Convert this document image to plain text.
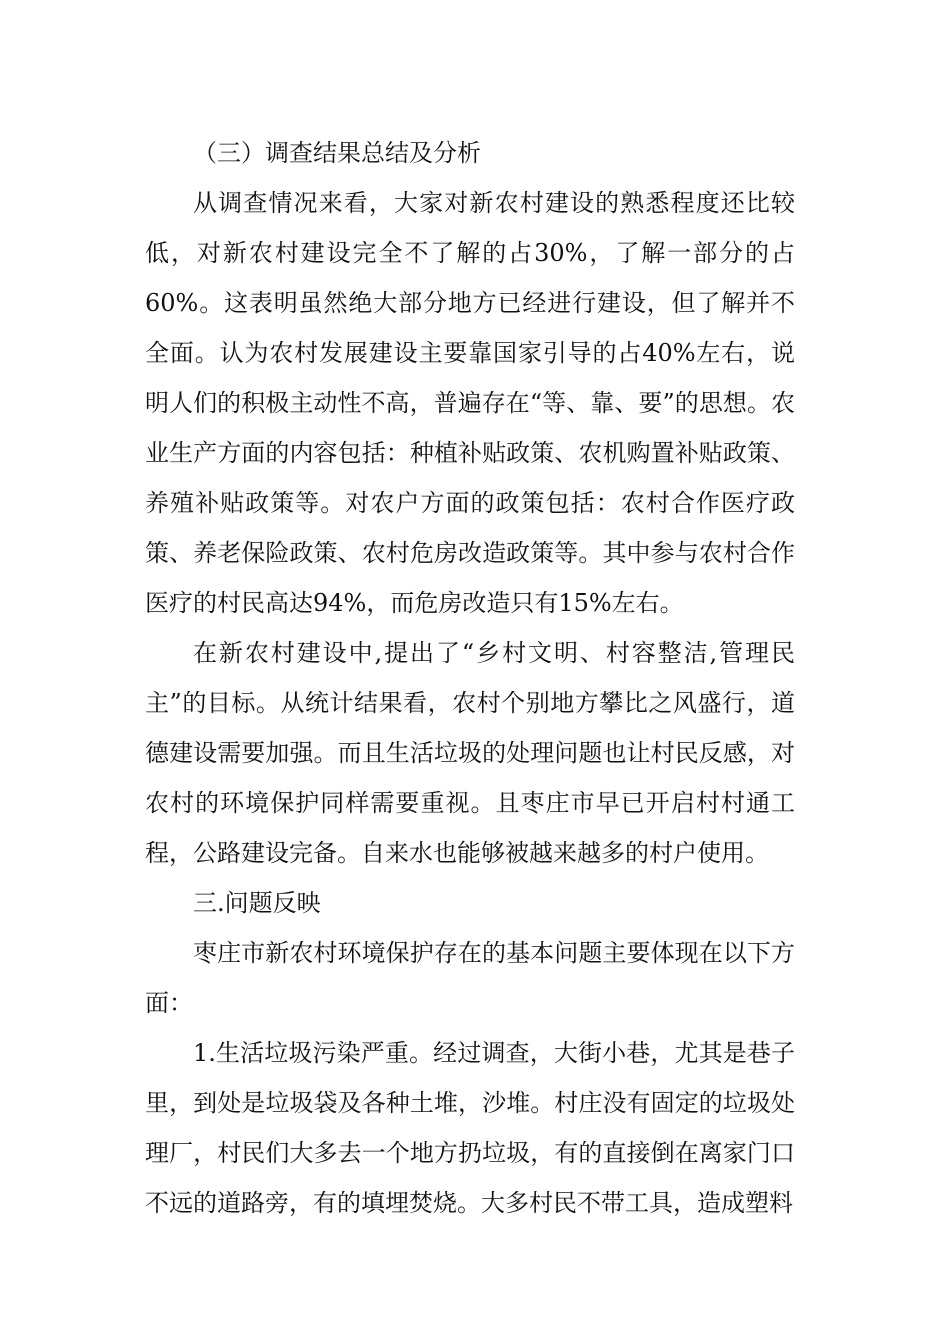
（三）调查结果总结及分析

从调查情况来看，大家对新农村建设的熟悉程度还比较低，对新农村建设完全不了解的占30%，了解一部分的占60%。这表明虽然绝大部分地方已经进行建设，但了解并不全面。认为农村发展建设主要靠国家引导的占40%左右，说明人们的积极主动性不高，普遍存在“等、靠、要”的思想。农业生产方面的内容包括：种植补贴政策、农机购置补贴政策、养殖补贴政策等。对农户方面的政策包括：农村合作医疗政策、养老保险政策、农村危房改造政策等。其中参与农村合作医疗的村民高达94%，而危房改造只有15%左右。

在新农村建设中,提出了“乡村文明、村容整洁,管理民主”的目标。从统计结果看，农村个别地方攀比之风盛行，道德建设需要加强。而且生活垃圾的处理问题也让村民反感，对农村的环境保护同样需要重视。且枣庄市早已开启村村通工程，公路建设完备。自来水也能够被越来越多的村户使用。

三.问题反映

枣庄市新农村环境保护存在的基本问题主要体现在以下方面：

1.生活垃圾污染严重。经过调查，大街小巷，尤其是巷子里，到处是垃圾袋及各种土堆，沙堆。村庄没有固定的垃圾处理厂，村民们大多去一个地方扔垃圾，有的直接倒在离家门口不远的道路旁，有的填埋焚烧。大多村民不带工具，造成塑料
